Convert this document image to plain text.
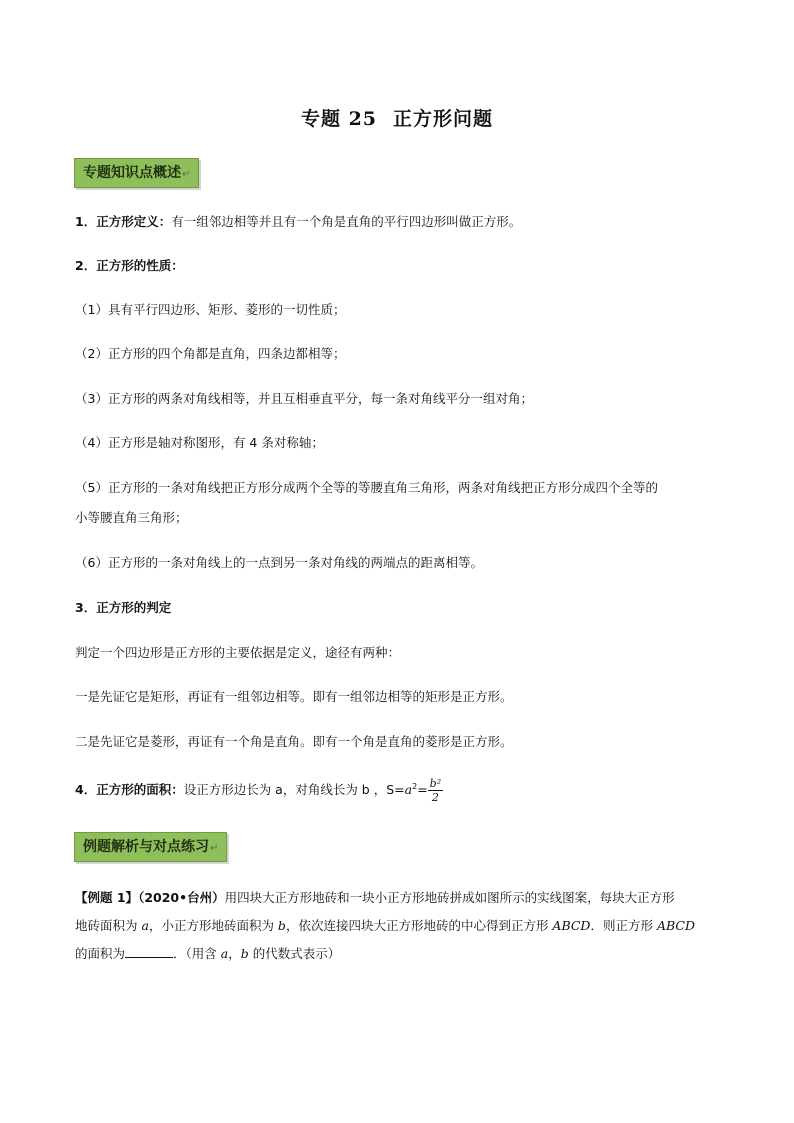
专题 25 正方形问题
专题知识点概述↵
1．正方形定义：有一组邻边相等并且有一个角是直角的平行四边形叫做正方形。
2．正方形的性质：
（1）具有平行四边形、矩形、菱形的一切性质；
（2）正方形的四个角都是直角，四条边都相等；
（3）正方形的两条对角线相等，并且互相垂直平分，每一条对角线平分一组对角；
（4）正方形是轴对称图形，有 4 条对称轴；
（5）正方形的一条对角线把正方形分成两个全等的等腰直角三角形，两条对角线把正方形分成四个全等的
小等腰直角三角形；
（6）正方形的一条对角线上的一点到另一条对角线的两端点的距离相等。
3．正方形的判定
判定一个四边形是正方形的主要依据是定义，途径有两种：
一是先证它是矩形，再证有一组邻边相等。即有一组邻边相等的矩形是正方形。
二是先证它是菱形，再证有一个角是直角。即有一个角是直角的菱形是正方形。
4．正方形的面积：设正方形边长为 a，对角线长为 b ，$S=a^2= \frac{\text{b²}}{2}$
例题解析与对点练习↵
【例题 1】（2020•台州）用四块大正方形地砖和一块小正方形地砖拼成如图所示的实线图案，每块大正方形
地砖面积为 a，小正方形地砖面积为 b，依次连接四块大正方形地砖的中心得到正方形 ABCD．则正方形 ABCD
的面积为	．（用含 a，b 的代数式表示）
